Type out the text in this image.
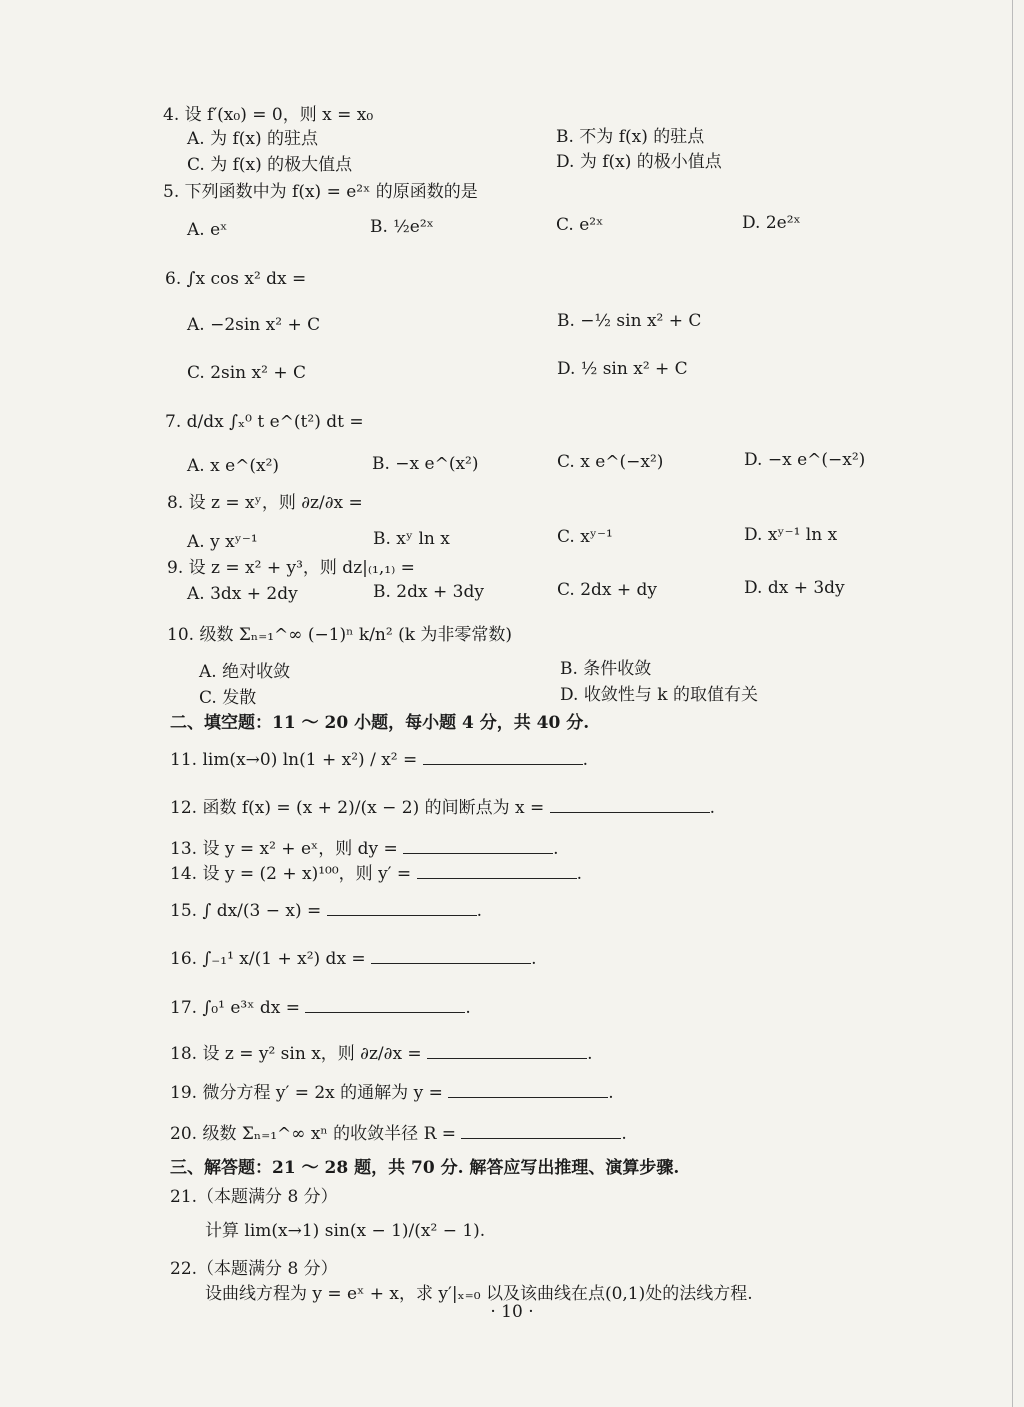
4. 设 f′(x₀) = 0，则 x = x₀
A. 为 f(x) 的驻点	B. 不为 f(x) 的驻点
C. 为 f(x) 的极大值点	D. 为 f(x) 的极小值点
5. 下列函数中为 f(x) = e²ˣ 的原函数的是
A. eˣ	B. ½e²ˣ	C. e²ˣ	D. 2e²ˣ
6. ∫x cos x² dx =
A. −2sin x² + C	B. −½ sin x² + C
C. 2sin x² + C	D. ½ sin x² + C
7. d/dx ∫ₓ⁰ t e^(t²) dt =
A. x e^(x²)	B. −x e^(x²)	C. x e^(−x²)	D. −x e^(−x²)
8. 设 z = xʸ，则 ∂z/∂x =
A. y xʸ⁻¹	B. xʸ ln x	C. xʸ⁻¹	D. xʸ⁻¹ ln x
9. 设 z = x² + y³，则 dz|₍₁,₁₎ =
A. 3dx + 2dy	B. 2dx + 3dy	C. 2dx + dy	D. dx + 3dy
10. 级数 Σₙ₌₁^∞ (−1)ⁿ k/n² (k 为非零常数)
A. 绝对收敛	B. 条件收敛
C. 发散	D. 收敛性与 k 的取值有关
二、填空题：11 ～ 20 小题，每小题 4 分，共 40 分.
11. lim(x→0) ln(1 + x²) / x² =	.
12. 函数 f(x) = (x + 2)/(x − 2) 的间断点为 x =	.
13. 设 y = x² + eˣ，则 dy =	.
14. 设 y = (2 + x)¹⁰⁰，则 y′ =	.
15. ∫ dx/(3 − x) =	.
16. ∫₋₁¹ x/(1 + x²) dx =	.
17. ∫₀¹ e³ˣ dx =	.
18. 设 z = y² sin x，则 ∂z/∂x =	.
19. 微分方程 y′ = 2x 的通解为 y =	.
20. 级数 Σₙ₌₁^∞ xⁿ 的收敛半径 R =	.
三、解答题：21 ～ 28 题，共 70 分. 解答应写出推理、演算步骤.
21.（本题满分 8 分）
计算 lim(x→1) sin(x − 1)/(x² − 1).
22.（本题满分 8 分）
设曲线方程为 y = eˣ + x，求 y′|ₓ₌₀ 以及该曲线在点(0,1)处的法线方程.
· 10 ·
